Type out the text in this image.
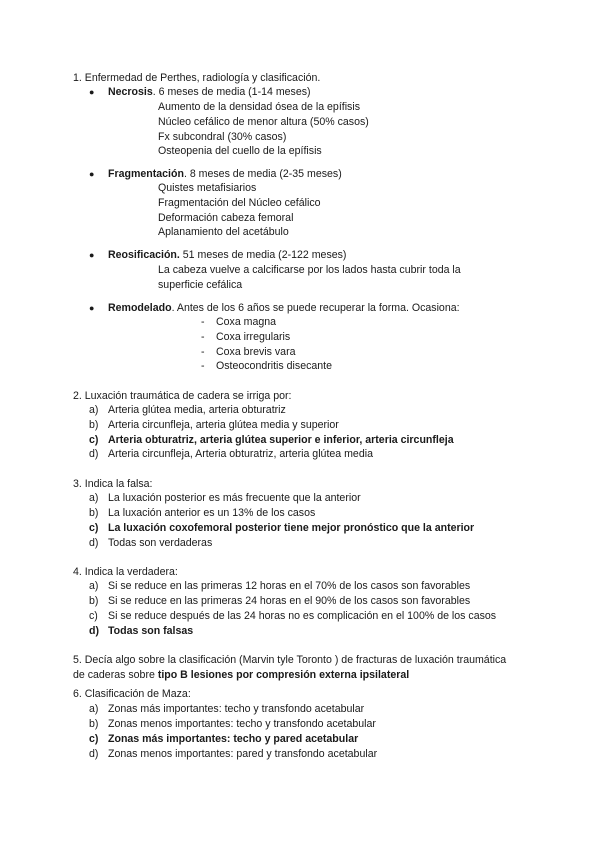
1. Enfermedad de Perthes, radiología y clasificación.
● Necrosis. 6 meses de media (1-14 meses)
Aumento de la densidad ósea de la epífisis
Núcleo cefálico de menor altura (50% casos)
Fx subcondral (30% casos)
Osteopenia del cuello de la epífisis
● Fragmentación. 8 meses de media (2-35 meses)
Quistes metafisiarios
Fragmentación del Núcleo cefálico
Deformación cabeza femoral
Aplanamiento del acetábulo
● Reosificación. 51 meses de media (2-122 meses)
La cabeza vuelve a calcificarse por los lados hasta cubrir toda la
superficie cefálica
● Remodelado. Antes de los 6 años se puede recuperar la forma. Ocasiona:
- Coxa magna
- Coxa irregularis
- Coxa brevis vara
- Osteocondritis disecante
2. Luxación traumática de cadera se irriga por:
a) Arteria glútea media, arteria obturatriz
b) Arteria circunfleja, arteria glútea media y superior
c) Arteria obturatriz, arteria glútea superior e inferior, arteria circunfleja
d) Arteria circunfleja, Arteria obturatriz, arteria glútea media
3. Indica la falsa:
a) La luxación posterior es más frecuente que la anterior
b) La luxación anterior es un 13% de los casos
c) La luxación coxofemoral posterior tiene mejor pronóstico que la anterior
d) Todas son verdaderas
4. Indica la verdadera:
a) Si se reduce en las primeras 12 horas en el 70% de los casos son favorables
b) Si se reduce en las primeras 24 horas en el 90% de los casos son favorables
c) Si se reduce después de las 24 horas no es complicación en el 100% de los casos
d) Todas son falsas
5. Decía algo sobre la clasificación (Marvin tyle Toronto ) de fracturas de luxación traumática
de caderas sobre tipo B lesiones por compresión externa ipsilateral
6. Clasificación de Maza:
a) Zonas más importantes: techo y transfondo acetabular
b) Zonas menos importantes: techo y transfondo acetabular
c) Zonas más importantes: techo y pared acetabular
d) Zonas menos importantes: pared y transfondo acetabular
